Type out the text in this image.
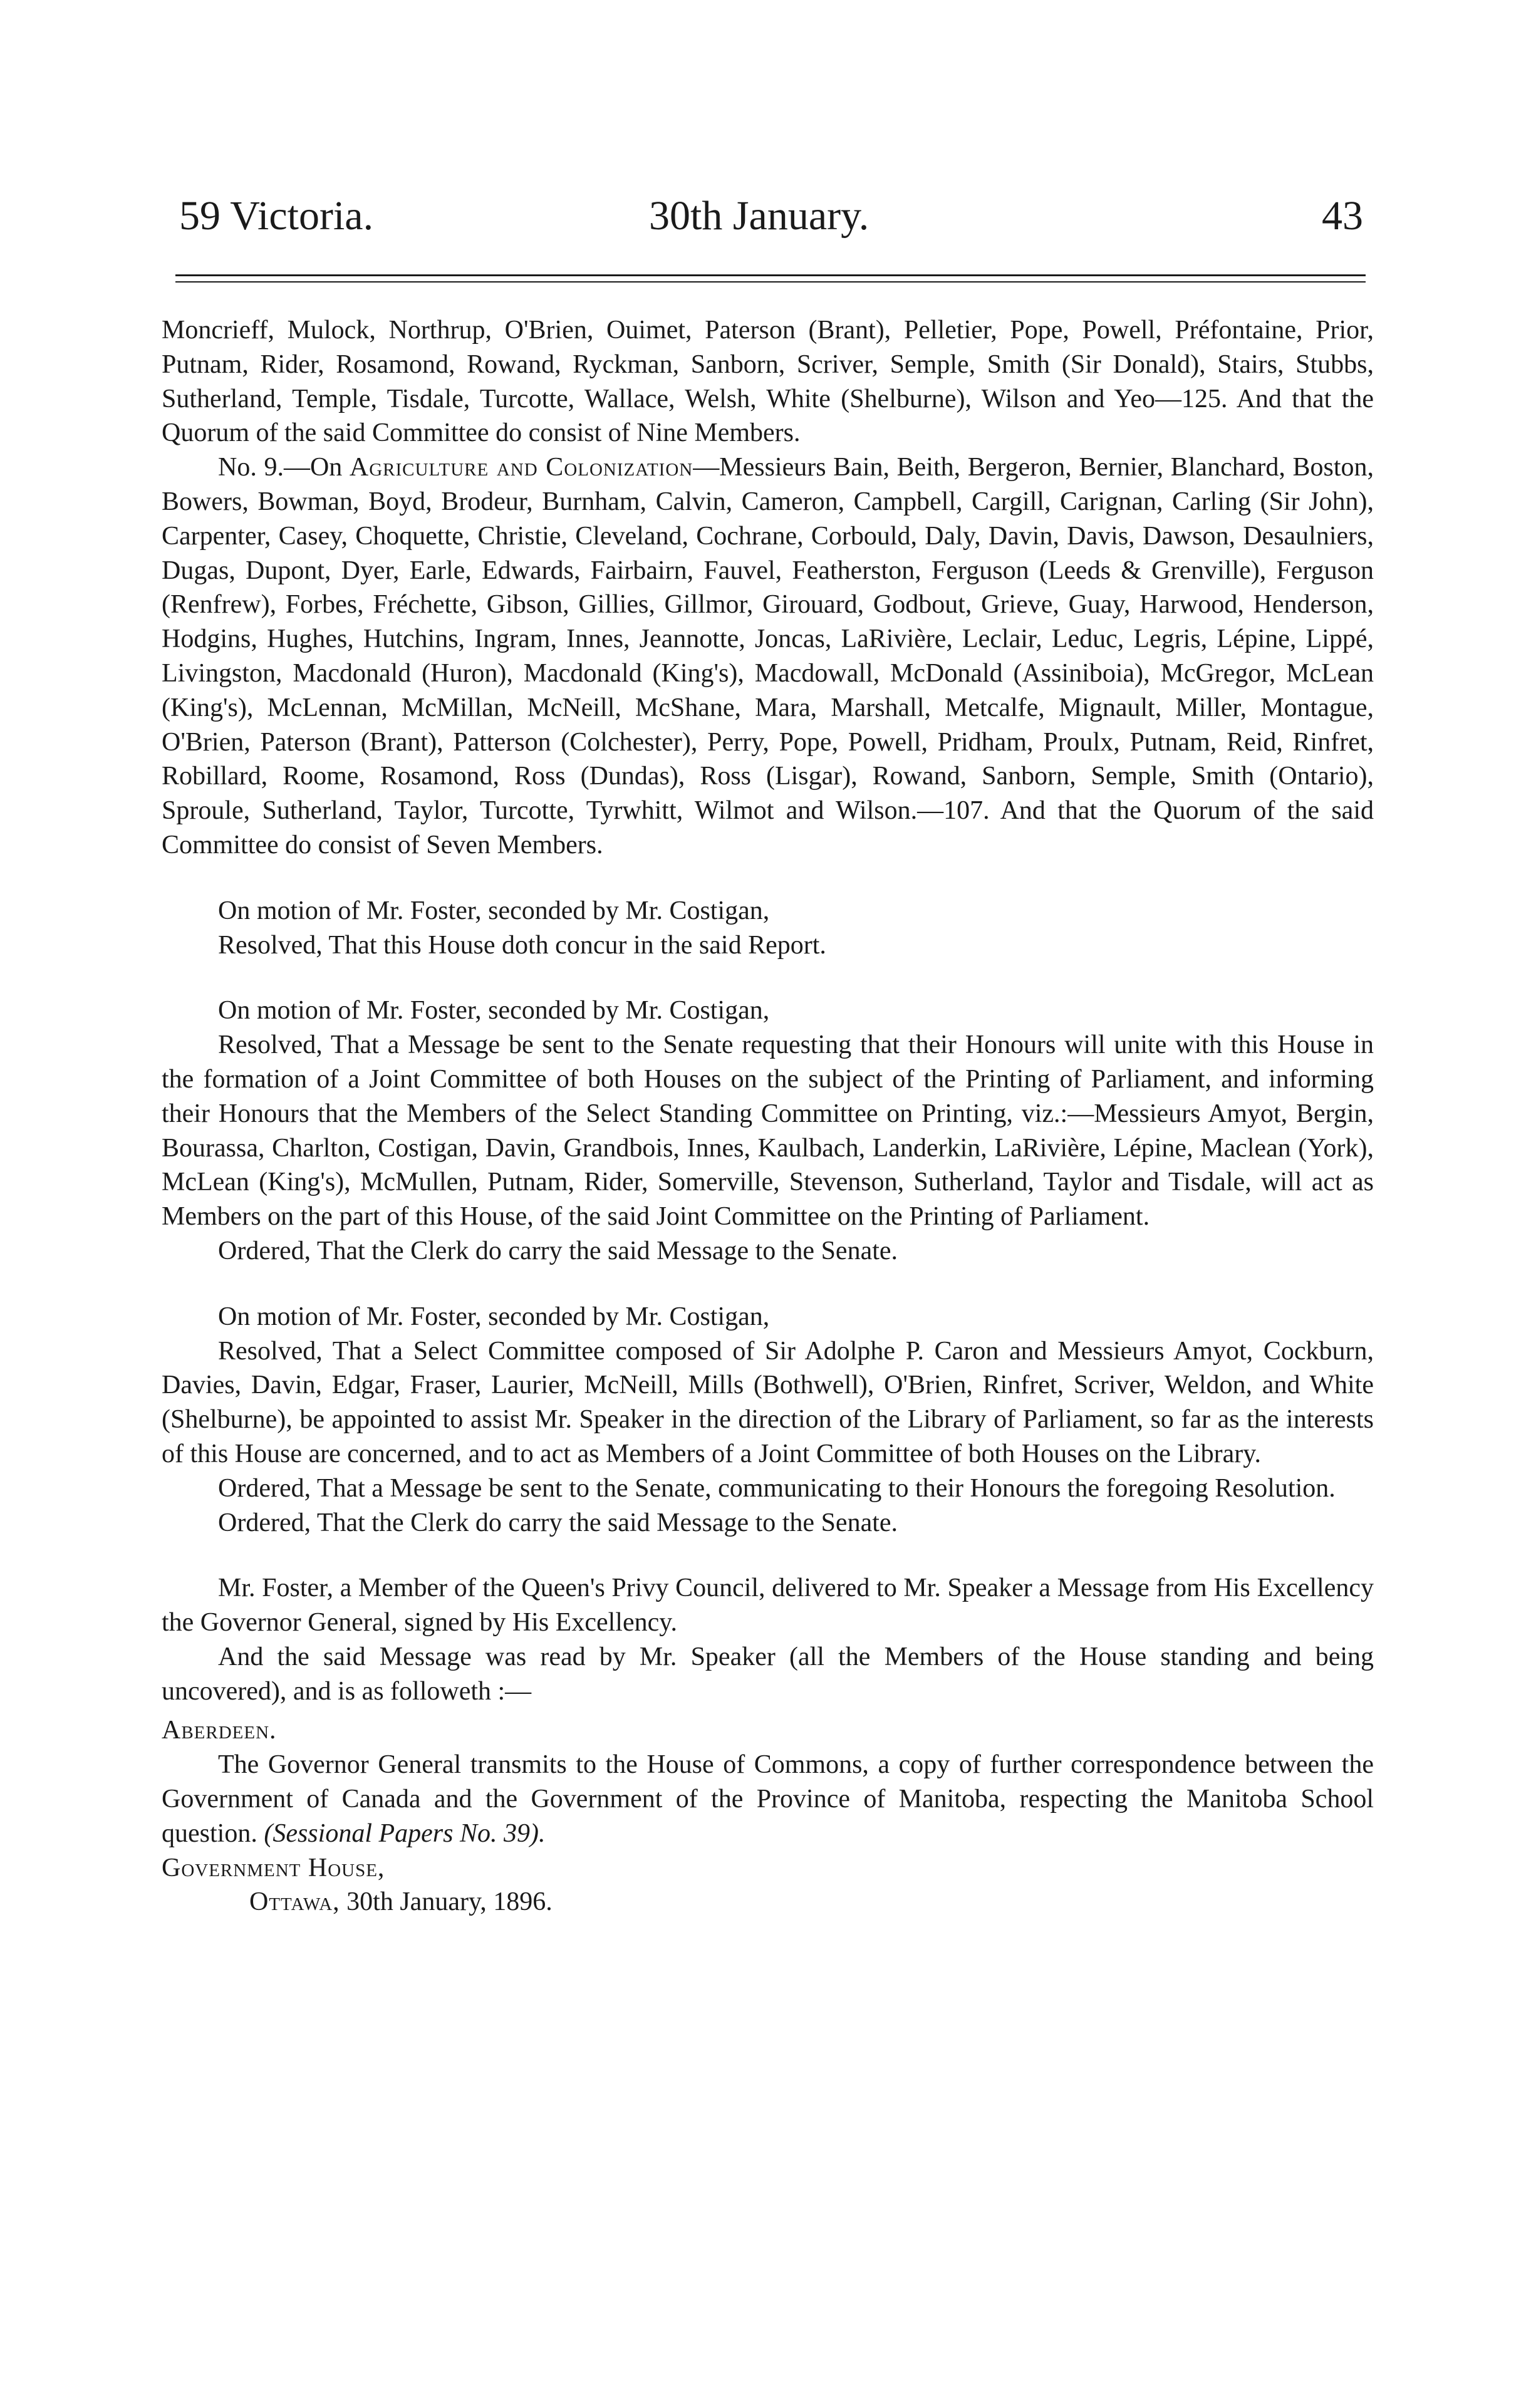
59 Victoria.	30th January.	43

Moncrieff, Mulock, Northrup, O'Brien, Ouimet, Paterson (Brant), Pelletier, Pope, Powell, Préfontaine, Prior, Putnam, Rider, Rosamond, Rowand, Ryckman, Sanborn, Scriver, Semple, Smith (Sir Donald), Stairs, Stubbs, Sutherland, Temple, Tisdale, Turcotte, Wallace, Welsh, White (Shelburne), Wilson and Yeo—125. And that the Quorum of the said Committee do consist of Nine Members.

No. 9.—On Agriculture and Colonization—Messieurs Bain, Beith, Bergeron, Bernier, Blanchard, Boston, Bowers, Bowman, Boyd, Brodeur, Burnham, Calvin, Cameron, Campbell, Cargill, Carignan, Carling (Sir John), Carpenter, Casey, Choquette, Christie, Cleveland, Cochrane, Corbould, Daly, Davin, Davis, Dawson, Desaulniers, Dugas, Dupont, Dyer, Earle, Edwards, Fairbairn, Fauvel, Featherston, Ferguson (Leeds & Grenville), Ferguson (Renfrew), Forbes, Fréchette, Gibson, Gillies, Gillmor, Girouard, Godbout, Grieve, Guay, Harwood, Henderson, Hodgins, Hughes, Hutchins, Ingram, Innes, Jeannotte, Joncas, LaRivière, Leclair, Leduc, Legris, Lépine, Lippé, Livingston, Macdonald (Huron), Macdonald (King's), Macdowall, McDonald (Assiniboia), McGregor, McLean (King's), McLennan, McMillan, McNeill, McShane, Mara, Marshall, Metcalfe, Mignault, Miller, Montague, O'Brien, Paterson (Brant), Patterson (Colchester), Perry, Pope, Powell, Pridham, Proulx, Putnam, Reid, Rinfret, Robillard, Roome, Rosamond, Ross (Dundas), Ross (Lisgar), Rowand, Sanborn, Semple, Smith (Ontario), Sproule, Sutherland, Taylor, Turcotte, Tyrwhitt, Wilmot and Wilson.—107. And that the Quorum of the said Committee do consist of Seven Members.

On motion of Mr. Foster, seconded by Mr. Costigan,

Resolved, That this House doth concur in the said Report.

On motion of Mr. Foster, seconded by Mr. Costigan,

Resolved, That a Message be sent to the Senate requesting that their Honours will unite with this House in the formation of a Joint Committee of both Houses on the subject of the Printing of Parliament, and informing their Honours that the Members of the Select Standing Committee on Printing, viz.:—Messieurs Amyot, Bergin, Bourassa, Charlton, Costigan, Davin, Grandbois, Innes, Kaulbach, Landerkin, LaRivière, Lépine, Maclean (York), McLean (King's), McMullen, Putnam, Rider, Somerville, Stevenson, Sutherland, Taylor and Tisdale, will act as Members on the part of this House, of the said Joint Committee on the Printing of Parliament.

Ordered, That the Clerk do carry the said Message to the Senate.

On motion of Mr. Foster, seconded by Mr. Costigan,

Resolved, That a Select Committee composed of Sir Adolphe P. Caron and Messieurs Amyot, Cockburn, Davies, Davin, Edgar, Fraser, Laurier, McNeill, Mills (Bothwell), O'Brien, Rinfret, Scriver, Weldon, and White (Shelburne), be appointed to assist Mr. Speaker in the direction of the Library of Parliament, so far as the interests of this House are concerned, and to act as Members of a Joint Committee of both Houses on the Library.

Ordered, That a Message be sent to the Senate, communicating to their Honours the foregoing Resolution.

Ordered, That the Clerk do carry the said Message to the Senate.

Mr. Foster, a Member of the Queen's Privy Council, delivered to Mr. Speaker a Message from His Excellency the Governor General, signed by His Excellency.

And the said Message was read by Mr. Speaker (all the Members of the House standing and being uncovered), and is as followeth :—

Aberdeen.

The Governor General transmits to the House of Commons, a copy of further correspondence between the Government of Canada and the Government of the Province of Manitoba, respecting the Manitoba School question. (Sessional Papers No. 39).

Government House,

Ottawa, 30th January, 1896.
